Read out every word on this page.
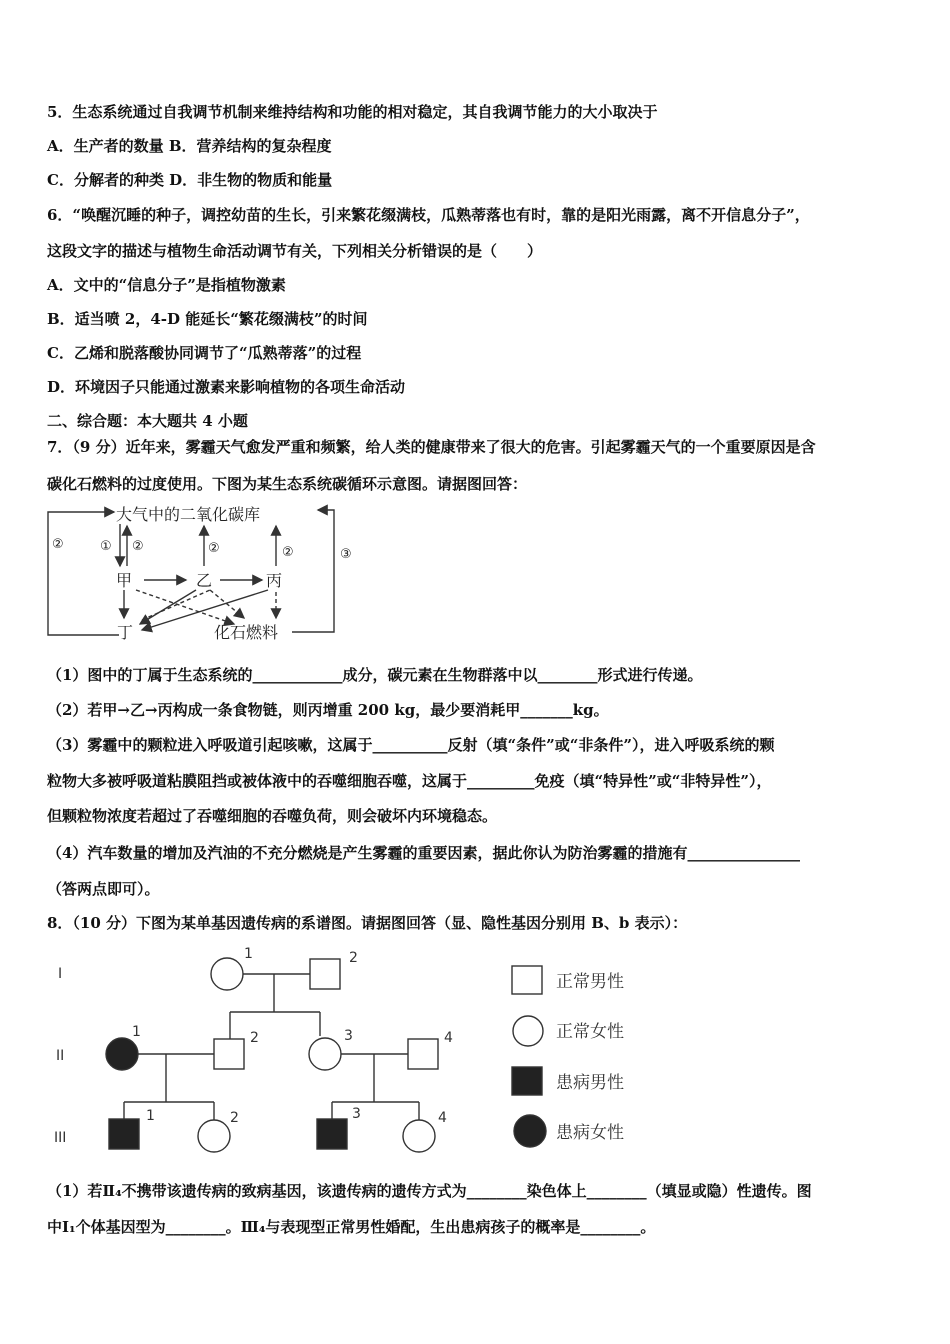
5．生态系统通过自我调节机制来维持结构和功能的相对稳定，其自我调节能力的大小取决于
A．生产者的数量 B．营养结构的复杂程度
C．分解者的种类 D．非生物的物质和能量
6．“唤醒沉睡的种子，调控幼苗的生长，引来繁花缀满枝，瓜熟蒂落也有时，靠的是阳光雨露，离不开信息分子”，
这段文字的描述与植物生命活动调节有关，下列相关分析错误的是（　　）
A．文中的“信息分子”是指植物激素
B．适当喷 2，4-D 能延长“繁花缀满枝”的时间
C．乙烯和脱落酸协同调节了“瓜熟蒂落”的过程
D．环境因子只能通过激素来影响植物的各项生命活动
二、综合题：本大题共 4 小题
7．（9 分）近年来，雾霾天气愈发严重和频繁，给人类的健康带来了很大的危害。引起雾霾天气的一个重要原因是含
碳化石燃料的过度使用。下图为某生态系统碳循环示意图。请据图回答：
大气中的二氧化碳库
甲	乙	丙
丁	化石燃料
②	① ②	②	②	③
（1）图中的丁属于生态系统的____________成分，碳元素在生物群落中以________形式进行传递。
（2）若甲→乙→丙构成一条食物链，则丙增重 200 kg，最少要消耗甲_______kg。
（3）雾霾中的颗粒进入呼吸道引起咳嗽，这属于__________反射（填“条件”或“非条件”），进入呼吸系统的颗
粒物大多被呼吸道粘膜阻挡或被体液中的吞噬细胞吞噬，这属于_________免疫（填“特异性”或“非特异性”），
但颗粒物浓度若超过了吞噬细胞的吞噬负荷，则会破坏内环境稳态。
（4）汽车数量的增加及汽油的不充分燃烧是产生雾霾的重要因素，据此你认为防治雾霾的措施有_______________
（答两点即可）。
8．（10 分）下图为某单基因遗传病的系谱图。请据图回答（显、隐性基因分别用 B、b 表示）：
I
II
III
1	2
1	2	3	4
1	2	3	4
正常男性
正常女性
患病男性
患病女性
（1）若Ⅱ₄不携带该遗传病的致病基因，该遗传病的遗传方式为________染色体上________（填显或隐）性遗传。图
中Ⅰ₁个体基因型为________。Ⅲ₄与表现型正常男性婚配，生出患病孩子的概率是________。
